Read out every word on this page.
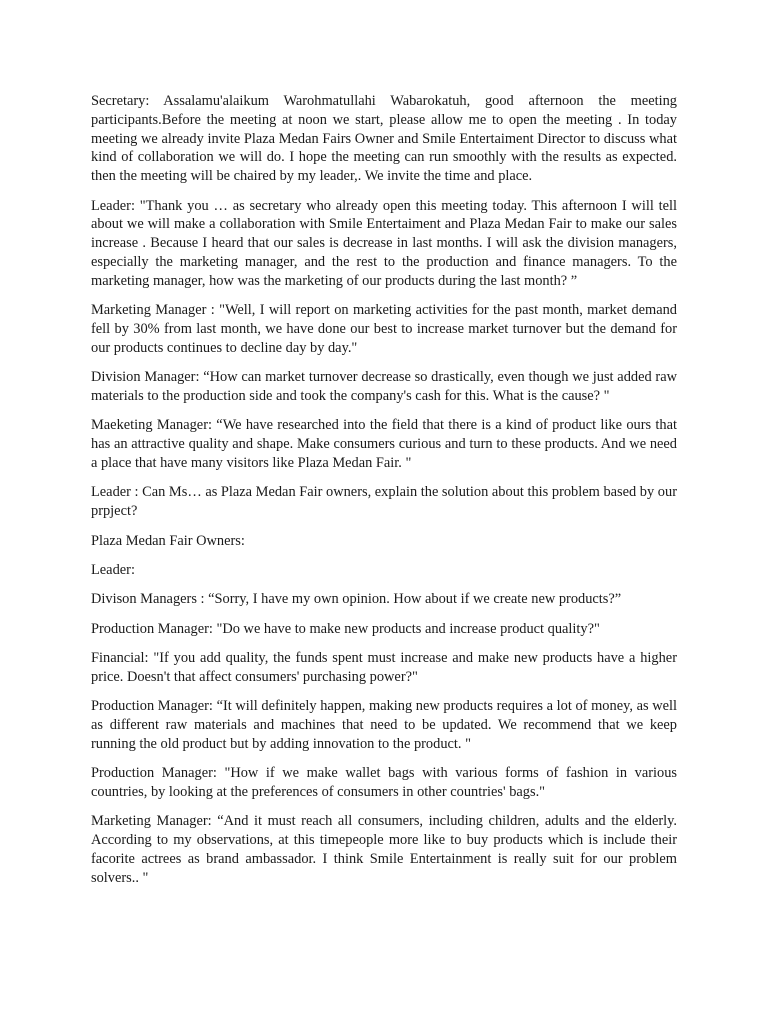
Secretary: Assalamu'alaikum Warohmatullahi Wabarokatuh, good afternoon the meeting participants.Before the meeting at noon we start, please allow me to open the meeting . In today meeting we already invite Plaza Medan Fairs Owner and Smile Entertaiment Director to discuss what kind of collaboration we will do. I hope the meeting can run smoothly with the results as expected. then the meeting will be chaired by my leader,. We invite the time and place.

Leader: "Thank you … as secretary who already open this meeting today. This afternoon I will tell about we will make a collaboration with Smile Entertaiment and Plaza Medan Fair to make our sales increase . Because I heard that our sales is decrease in last months. I will ask the division managers, especially the marketing manager, and the rest to the production and finance managers. To the marketing manager, how was the marketing of our products during the last month? ”

Marketing Manager : "Well, I will report on marketing activities for the past month, market demand fell by 30% from last month, we have done our best to increase market turnover but the demand for our products continues to decline day by day."

Division Manager: “How can market turnover decrease so drastically, even though we just added raw materials to the production side and took the company's cash for this. What is the cause? "

Maeketing Manager: “We have researched into the field that there is a kind of product like ours that has an attractive quality and shape. Make consumers curious and turn to these products. And we need a place that have many visitors like Plaza Medan Fair. "

Leader : Can Ms… as Plaza Medan Fair owners, explain the solution about this problem based by our prpject?

Plaza Medan Fair Owners:

Leader:

Divison Managers : “Sorry, I have my own opinion. How about if we create new products?”

Production Manager: "Do we have to make new products and increase product quality?"

Financial: "If you add quality, the funds spent must increase and make new products have a higher price. Doesn't that affect consumers' purchasing power?"

Production Manager: “It will definitely happen, making new products requires a lot of money, as well as different raw materials and machines that need to be updated. We recommend that we keep running the old product but by adding innovation to the product. "

Production Manager: "How if we make wallet bags with various forms of fashion in various countries, by looking at the preferences of consumers in other countries' bags."

Marketing Manager: “And it must reach all consumers, including children, adults and the elderly. According to my observations, at this timepeople more like to buy products which is include their facorite actrees as brand ambassador. I think Smile Entertainment is really suit for our problem solvers.. "
